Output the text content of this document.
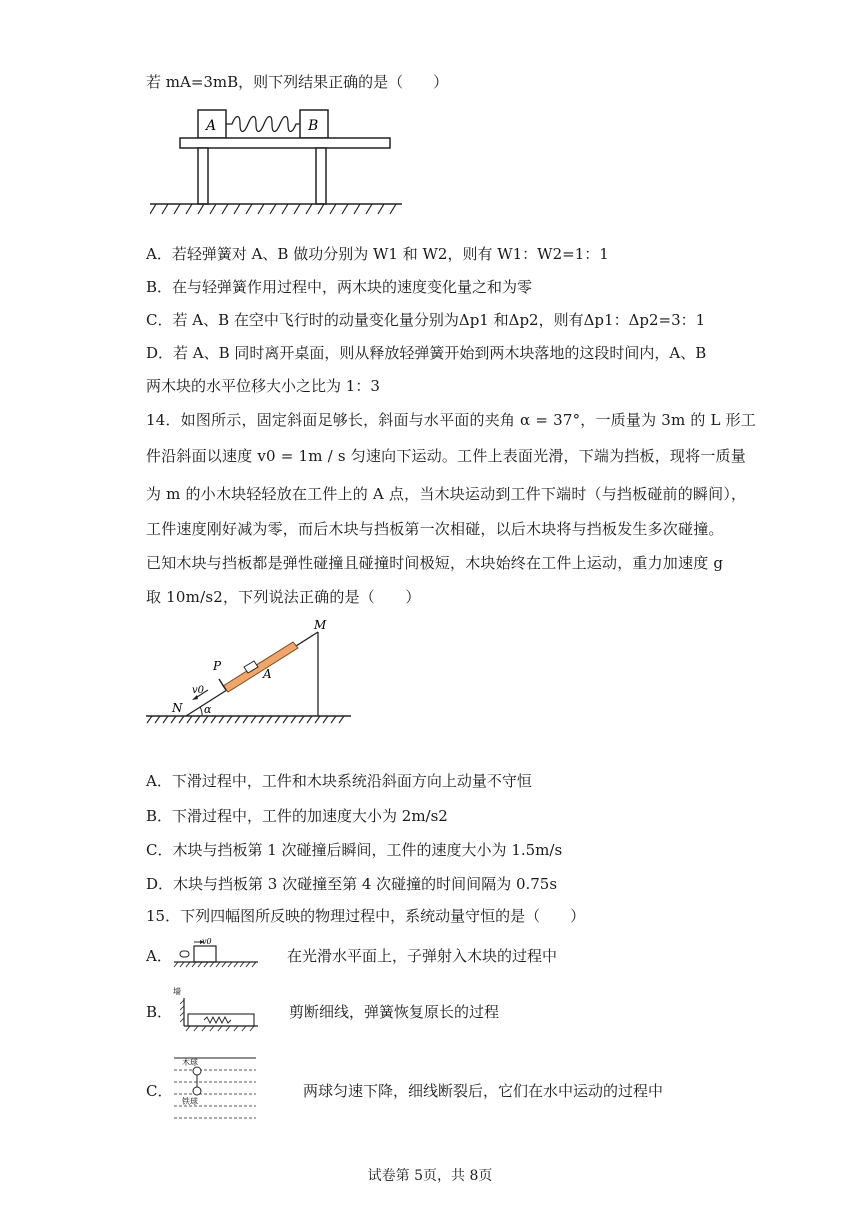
若 mA=3mB，则下列结果正确的是（　　）
A	B
A．若轻弹簧对 A、B 做功分别为 W1 和 W2，则有 W1：W2=1：1
B．在与轻弹簧作用过程中，两木块的速度变化量之和为零
C．若 A、B 在空中飞行时的动量变化量分别为Δp1 和Δp2，则有Δp1：Δp2=3：1
D．若 A、B 同时离开桌面，则从释放轻弹簧开始到两木块落地的这段时间内，A、B
两木块的水平位移大小之比为 1：3
14．如图所示，固定斜面足够长，斜面与水平面的夹角 α = 37°，一质量为 3m 的 L 形工
件沿斜面以速度 v0 = 1m / s 匀速向下运动。工件上表面光滑，下端为挡板，现将一质量
为 m 的小木块轻轻放在工件上的 A 点，当木块运动到工件下端时（与挡板碰前的瞬间），
工件速度刚好减为零，而后木块与挡板第一次相碰，以后木块将与挡板发生多次碰撞。
已知木块与挡板都是弹性碰撞且碰撞时间极短，木块始终在工件上运动，重力加速度 g
取 10m/s2，下列说法正确的是（　　）
M
P
A
v0
N α
A．下滑过程中，工件和木块系统沿斜面方向上动量不守恒
B．下滑过程中，工件的加速度大小为 2m/s2
C．木块与挡板第 1 次碰撞后瞬间，工件的速度大小为 1.5m/s
D．木块与挡板第 3 次碰撞至第 4 次碰撞的时间间隔为 0.75s
15．下列四幅图所反映的物理过程中，系统动量守恒的是（　　）
A．
v0
在光滑水平面上，子弹射入木块的过程中
B．
墙
剪断细线，弹簧恢复原长的过程
C．
木球
铁球
两球匀速下降，细线断裂后，它们在水中运动的过程中
试卷第 5页，共 8页
